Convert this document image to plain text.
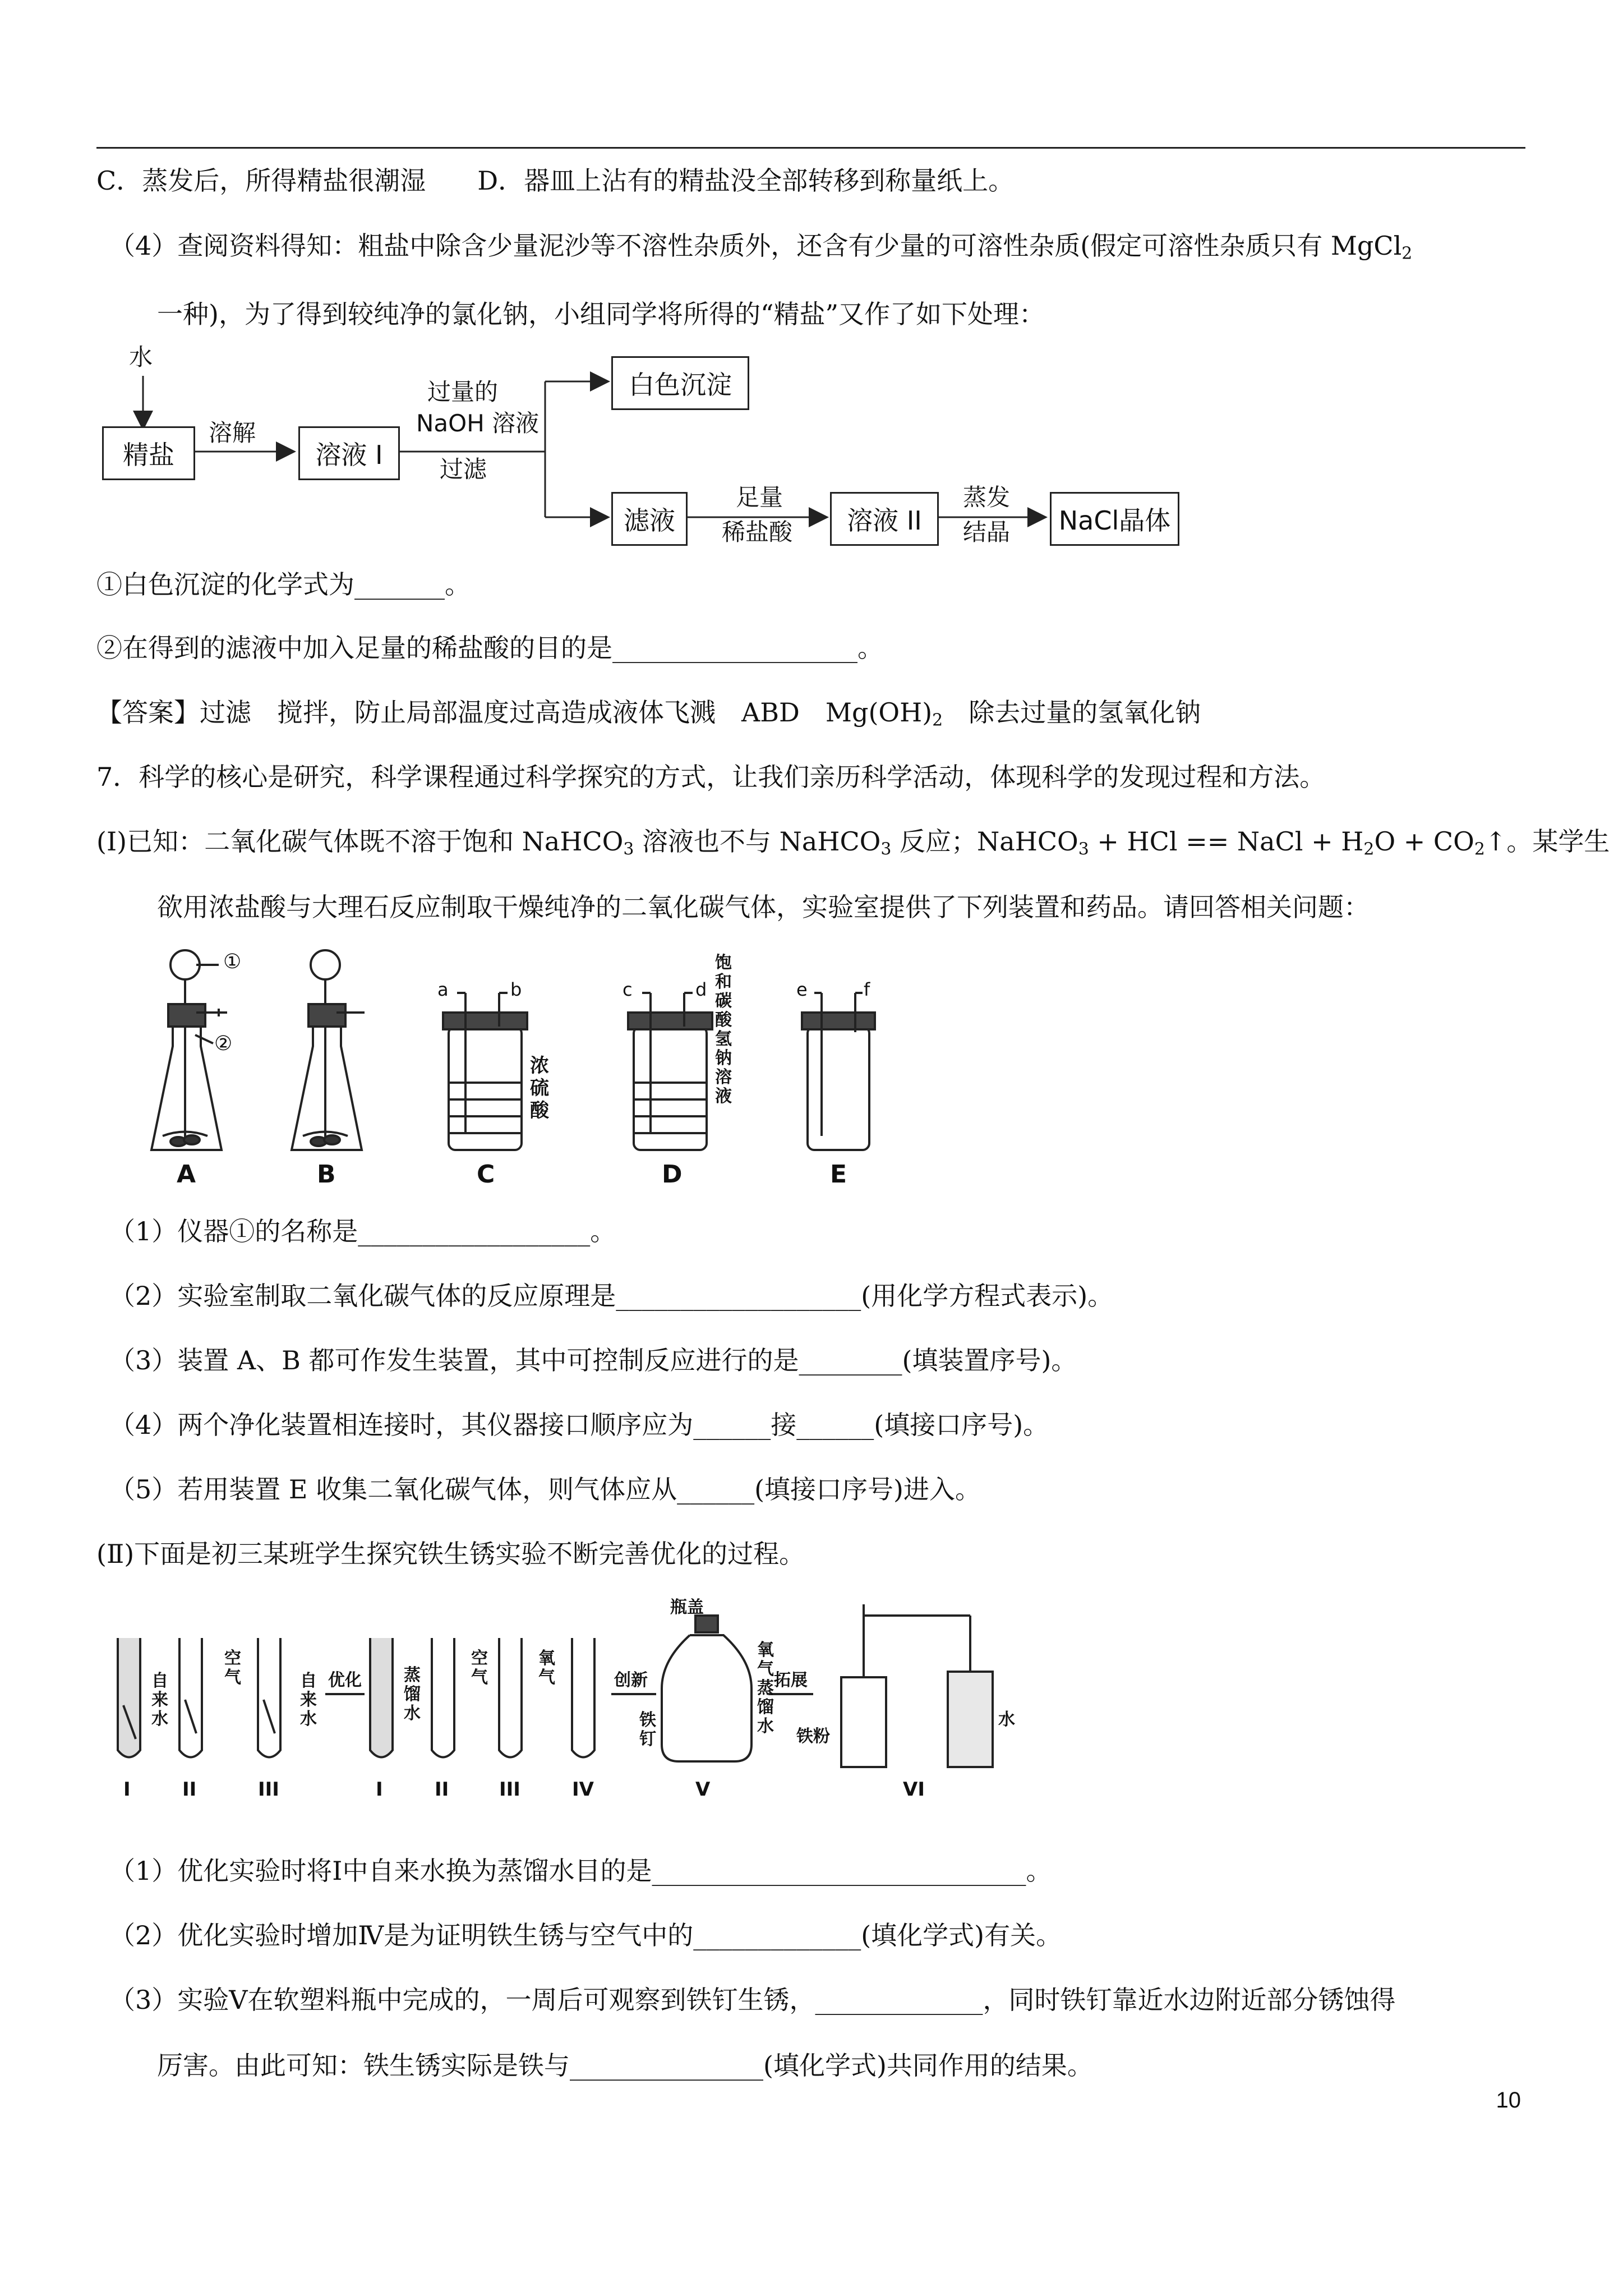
C．蒸发后，所得精盐很潮湿　　D．器皿上沾有的精盐没全部转移到称量纸上。
（4）查阅资料得知：粗盐中除含少量泥沙等不溶性杂质外，还含有少量的可溶性杂质(假定可溶性杂质只有 MgCl$_2$
一种)，为了得到较纯净的氯化钠，小组同学将所得的“精盐”又作了如下处理：
水
精盐
溶解
溶液 I
过量的
NaOH 溶液
过滤
白色沉淀
滤液
足量
稀盐酸	溶液 II
蒸发
结晶	NaCl晶体
①白色沉淀的化学式为_______。
②在得到的滤液中加入足量的稀盐酸的目的是___________________。
【答案】过滤　搅拌，防止局部温度过高造成液体飞溅　ABD　$Mg(OH)_2$　除去过量的氢氧化钠
7．科学的核心是研究，科学课程通过科学探究的方式，让我们亲历科学活动，体现科学的发现过程和方法。
(Ⅰ)已知：二氧化碳气体既不溶于饱和 NaHCO$_3$ 溶液也不与 NaHCO$_3$ 反应；NaHCO$_3$ + HCl == NaCl + $H_2O$ + $CO_2↑$。某学生
欲用浓盐酸与大理石反应制取干燥纯净的二氧化碳气体，实验室提供了下列装置和药品。请回答相关问题：
①
②
a	b	c	d	e	f
浓硫酸
饱和碳酸氢钠溶液
A	B	C	D	E
（1）仪器①的名称是__________________。
（2）实验室制取二氧化碳气体的反应原理是___________________(用化学方程式表示)。
（3）装置 A、B 都可作发生装置，其中可控制反应进行的是________(填装置序号)。
（4）两个净化装置相连接时，其仪器接口顺序应为______接______(填接口序号)。
（5）若用装置 E 收集二氧化碳气体，则气体应从______(填接口序号)进入。
(Ⅱ)下面是初三某班学生探究铁生锈实验不断完善优化的过程。
自来水
空气	自来水
优化	蒸馏水
空气
氧气	创新
瓶盖
铁钉
氧气蒸馏水
拓展
铁粉
水
I	II	III	I	II	III	IV	V	VI
（1）优化实验时将Ⅰ中自来水换为蒸馏水目的是_____________________________。
（2）优化实验时增加Ⅳ是为证明铁生锈与空气中的_____________(填化学式)有关。
（3）实验Ⅴ在软塑料瓶中完成的，一周后可观察到铁钉生锈，_____________，同时铁钉靠近水边附近部分锈蚀得
厉害。由此可知：铁生锈实际是铁与_______________(填化学式)共同作用的结果。
10
